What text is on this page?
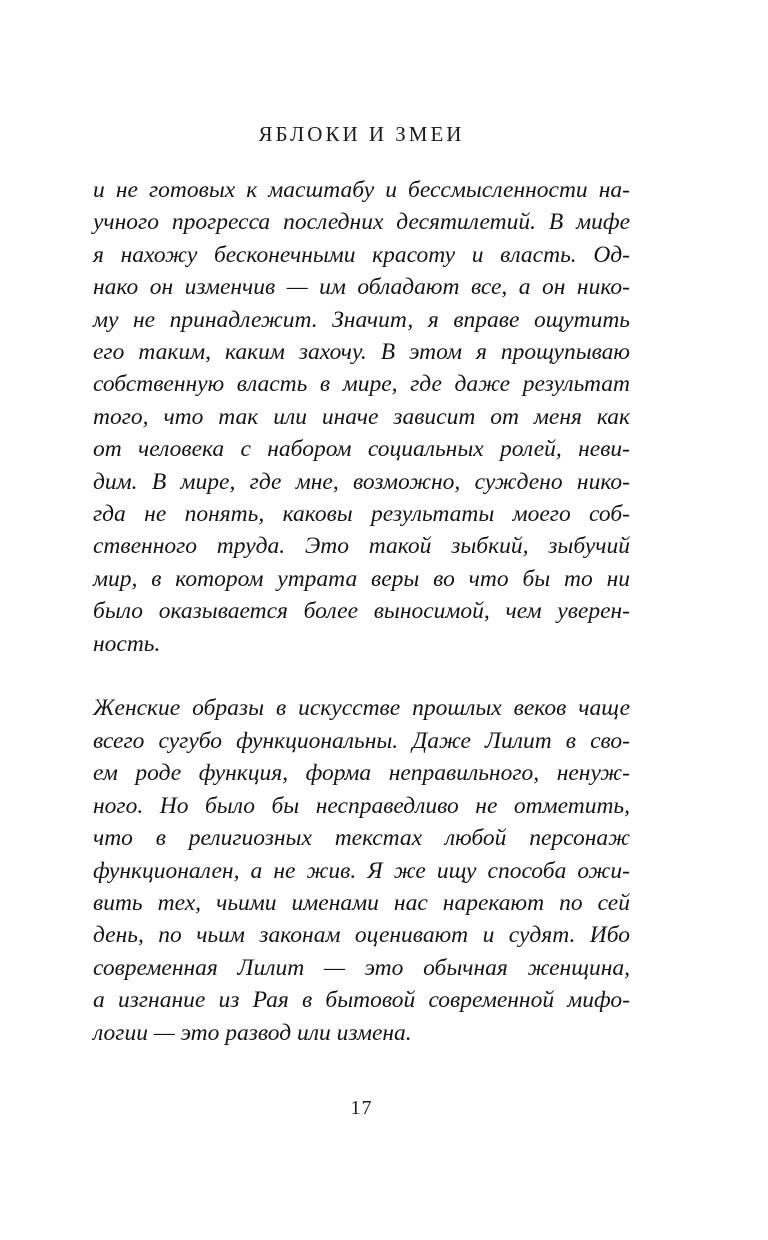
ЯБЛОКИ И ЗМЕИ
и не готовых к масштабу и бессмысленности на-
учного прогресса последних десятилетий. В мифе
я нахожу бесконечными красоту и власть. Од-
нако он изменчив — им обладают все, а он нико-
му не принадлежит. Значит, я вправе ощутить
его таким, каким захочу. В этом я прощупываю
собственную власть в мире, где даже результат
того, что так или иначе зависит от меня как
от человека с набором социальных ролей, неви-
дим. В мире, где мне, возможно, суждено нико-
гда не понять, каковы результаты моего соб-
ственного труда. Это такой зыбкий, зыбучий
мир, в котором утрата веры во что бы то ни
было оказывается более выносимой, чем уверен-
ность.
Женские образы в искусстве прошлых веков чаще
всего сугубо функциональны. Даже Лилит в сво-
ем роде функция, форма неправильного, ненуж-
ного. Но было бы несправедливо не отметить,
что в религиозных текстах любой персонаж
функционален, а не жив. Я же ищу способа ожи-
вить тех, чьими именами нас нарекают по сей
день, по чьим законам оценивают и судят. Ибо
современная Лилит — это обычная женщина,
а изгнание из Рая в бытовой современной мифо-
логии — это развод или измена.
17
